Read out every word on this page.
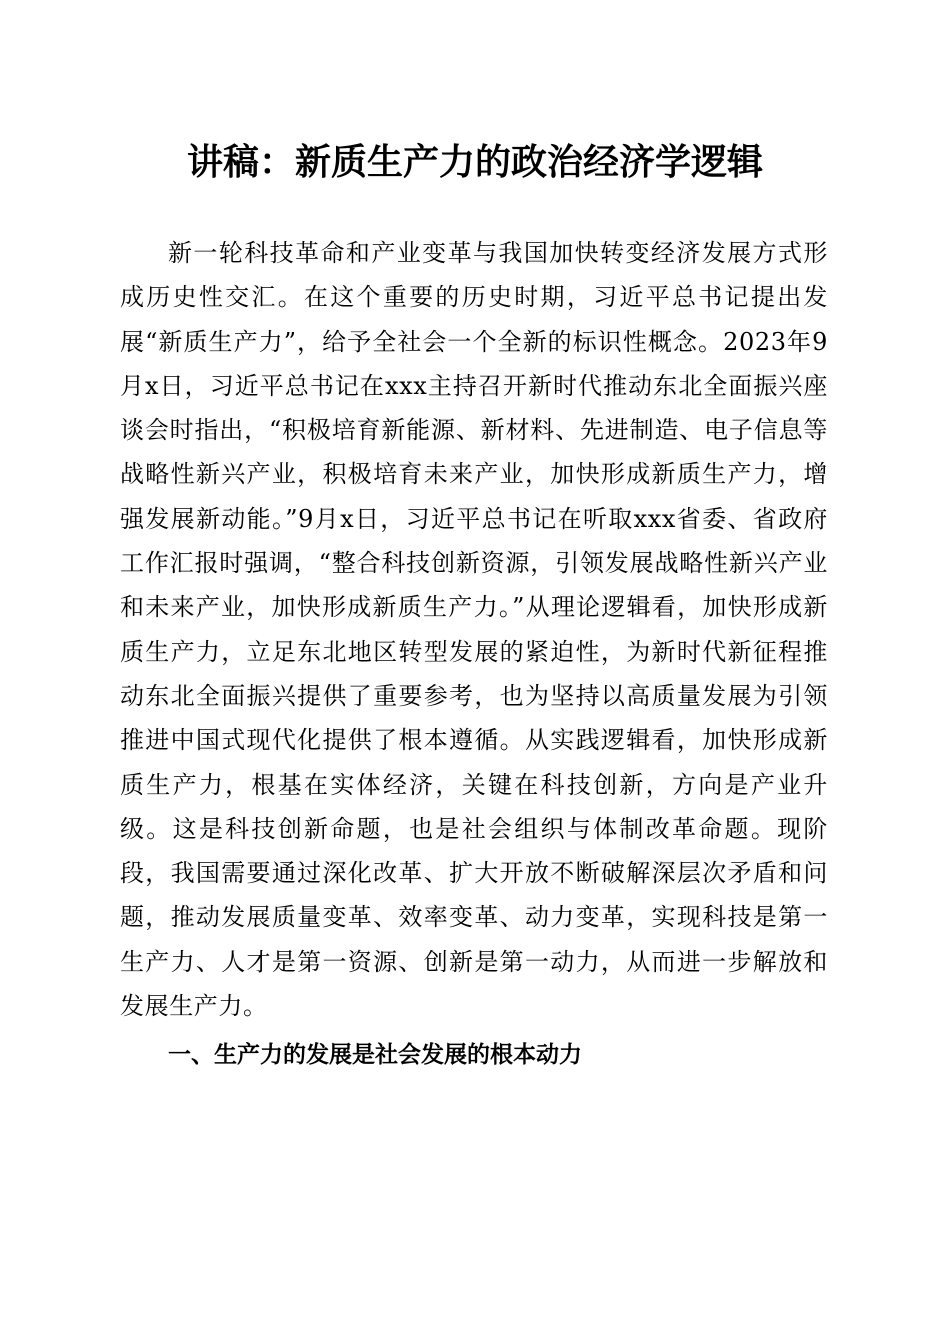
讲稿：新质生产力的政治经济学逻辑

新一轮科技革命和产业变革与我国加快转变经济发展方式形成历史性交汇。在这个重要的历史时期，习近平总书记提出发展“新质生产力”，给予全社会一个全新的标识性概念。2023年9月x日，习近平总书记在xxx主持召开新时代推动东北全面振兴座谈会时指出，“积极培育新能源、新材料、先进制造、电子信息等战略性新兴产业，积极培育未来产业，加快形成新质生产力，增强发展新动能。”9月x日，习近平总书记在听取xxx省委、省政府工作汇报时强调，“整合科技创新资源，引领发展战略性新兴产业和未来产业，加快形成新质生产力。”从理论逻辑看，加快形成新质生产力，立足东北地区转型发展的紧迫性，为新时代新征程推动东北全面振兴提供了重要参考，也为坚持以高质量发展为引领推进中国式现代化提供了根本遵循。从实践逻辑看，加快形成新质生产力，根基在实体经济，关键在科技创新，方向是产业升级。这是科技创新命题，也是社会组织与体制改革命题。现阶段，我国需要通过深化改革、扩大开放不断破解深层次矛盾和问题，推动发展质量变革、效率变革、动力变革，实现科技是第一生产力、人才是第一资源、创新是第一动力，从而进一步解放和发展生产力。

一、生产力的发展是社会发展的根本动力
